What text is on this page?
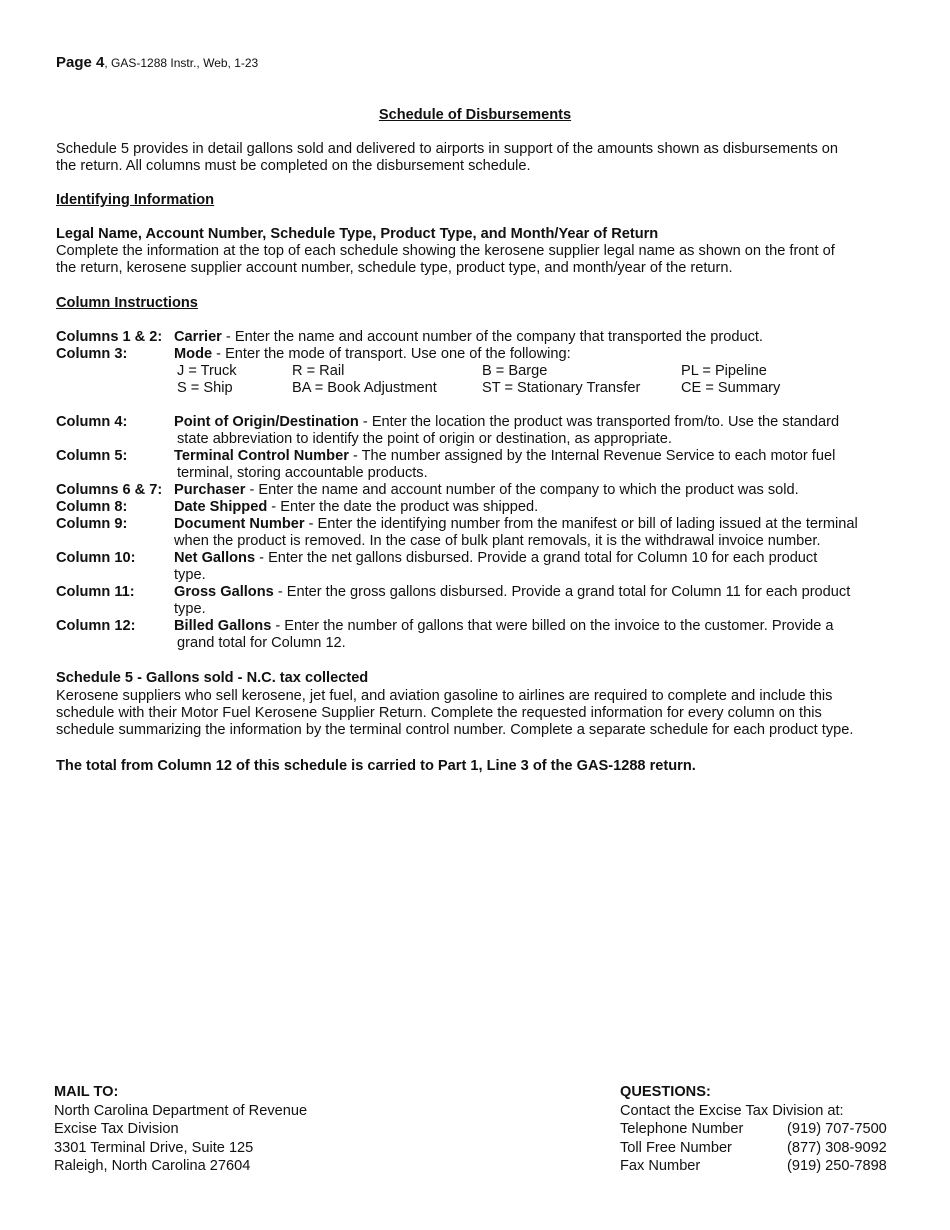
Page 4, GAS-1288 Instr., Web, 1-23
Schedule of Disbursements
Schedule 5 provides in detail gallons sold and delivered to airports in support of the amounts shown as disbursements on
the return. All columns must be completed on the disbursement schedule.
Identifying Information
Legal Name, Account Number, Schedule Type, Product Type, and Month/Year of Return
Complete the information at the top of each schedule showing the kerosene supplier legal name as shown on the front of
the return, kerosene supplier account number, schedule type, product type, and month/year of the return.
Column Instructions
Columns 1 & 2: Carrier - Enter the name and account number of the company that transported the product.
Column 3:	Mode - Enter the mode of transport. Use one of the following:
J = Truck	R = Rail	B = Barge	PL = Pipeline
S = Ship	BA = Book Adjustment	ST = Stationary Transfer	CE = Summary
Column 4:	Point of Origin/Destination - Enter the location the product was transported from/to. Use the standard
state abbreviation to identify the point of origin or destination, as appropriate.
Column 5:	Terminal Control Number - The number assigned by the Internal Revenue Service to each motor fuel
terminal, storing accountable products.
Columns 6 & 7: Purchaser - Enter the name and account number of the company to which the product was sold.
Column 8:	Date Shipped - Enter the date the product was shipped.
Column 9:	Document Number - Enter the identifying number from the manifest or bill of lading issued at the terminal
when the product is removed. In the case of bulk plant removals, it is the withdrawal invoice number.
Column 10:	Net Gallons - Enter the net gallons disbursed. Provide a grand total for Column 10 for each product
type.
Column 11:	Gross Gallons - Enter the gross gallons disbursed. Provide a grand total for Column 11 for each product
type.
Column 12:	Billed Gallons - Enter the number of gallons that were billed on the invoice to the customer. Provide a
grand total for Column 12.
Schedule 5 - Gallons sold - N.C. tax collected
Kerosene suppliers who sell kerosene, jet fuel, and aviation gasoline to airlines are required to complete and include this
schedule with their Motor Fuel Kerosene Supplier Return. Complete the requested information for every column on this
schedule summarizing the information by the terminal control number. Complete a separate schedule for each product type.
The total from Column 12 of this schedule is carried to Part 1, Line 3 of the GAS-1288 return.
MAIL TO:
North Carolina Department of Revenue
Excise Tax Division
3301 Terminal Drive, Suite 125
Raleigh, North Carolina 27604
QUESTIONS:
Contact the Excise Tax Division at:
Telephone Number	(919) 707-7500
Toll Free Number	(877) 308-9092
Fax Number	(919) 250-7898
